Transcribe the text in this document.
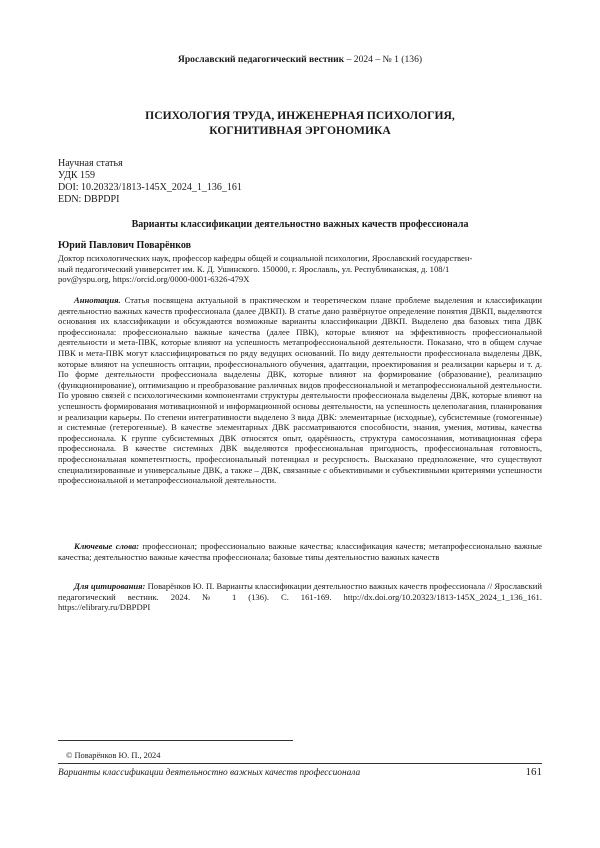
Ярославский педагогический вестник – 2024 – № 1 (136)
ПСИХОЛОГИЯ ТРУДА, ИНЖЕНЕРНАЯ ПСИХОЛОГИЯ,
КОГНИТИВНАЯ ЭРГОНОМИКА
Научная статья
УДК 159
DOI: 10.20323/1813-145X_2024_1_136_161
EDN: DBPDPI
Варианты классификации деятельностно важных качеств профессионала
Юрий Павлович Поварёнков
Доктор психологических наук, профессор кафедры общей и социальной психологии, Ярославский государствен-
ный педагогический университет им. К. Д. Ушинского. 150000, г. Ярославль, ул. Республиканская, д. 108/1
pov@yspu.org, https://orcid.org/0000-0001-6326-479X
Аннотация. Статья посвящена актуальной в практическом и теоретическом плане проблеме выделения и классификации деятельностно важных качеств профессионала (далее ДВКП). В статье дано развёрнутое определение понятия ДВКП, выделяются основания их классификации и обсуждаются возможные варианты классификации ДВКП. Выделено два базовых типа ДВК профессионала: профессионально важные качества (далее ПВК), которые влияют на эффективность профессиональной деятельности и мета-ПВК, которые влияют на успешность метапрофессиональной деятельности. Показано, что в общем случае ПВК и мета-ПВК могут классифицироваться по ряду ведущих оснований. По виду деятельности профессионала выделены ДВК, которые влияют на успешность оптации, профессионального обучения, адаптации, проектирования и реализации карьеры и т. д. По форме деятельности профессионала выделены ДВК, которые влияют на формирование (образование), реализацию (функционирование), оптимизацию и преобразование различных видов профессиональной и метапрофессиональной деятельности. По уровню связей с психологическими компонентами структуры деятельности профессионала выделены ДВК, которые влияют на успешность формирования мотивационной и информационной основы деятельности, на успешность целеполагания, планирования и реализации карьеры. По степени интегративности выделено 3 вида ДВК: элементарные (исходные), субсистемные (гомогенные) и системные (гетерогенные). В качестве элементарных ДВК рассматриваются способности, знания, умения, мотивы, качества профессионала. К группе субсистемных ДВК относятся опыт, одарённость, структура самосознания, мотивационная сфера профессионала. В качестве системных ДВК выделяются профессиональная пригодность, профессиональная готовность, профессиональная компетентность, профессиональный потенциал и ресурсность. Высказано предположение, что существуют специализированные и универсальные ДВК, а также – ДВК, связанные с объективными и субъективными критериями успешности профессиональной и метапрофессиональной деятельности.
Ключевые слова: профессионал; профессионально важные качества; классификация качеств; метапрофессионально важные качества; деятельностно важные качества профессионала; базовые типы деятельностно важных качеств
Для цитирования: Поварёнков Ю. П. Варианты классификации деятельностно важных качеств профессионала // Ярославский педагогический вестник. 2024. № 1 (136). С. 161-169. http://dx.doi.org/10.20323/1813-145X_2024_1_136_161. https://elibrary.ru/DBPDPI
© Поварёнков Ю. П., 2024
Варианты классификации деятельностно важных качеств профессионала	161
